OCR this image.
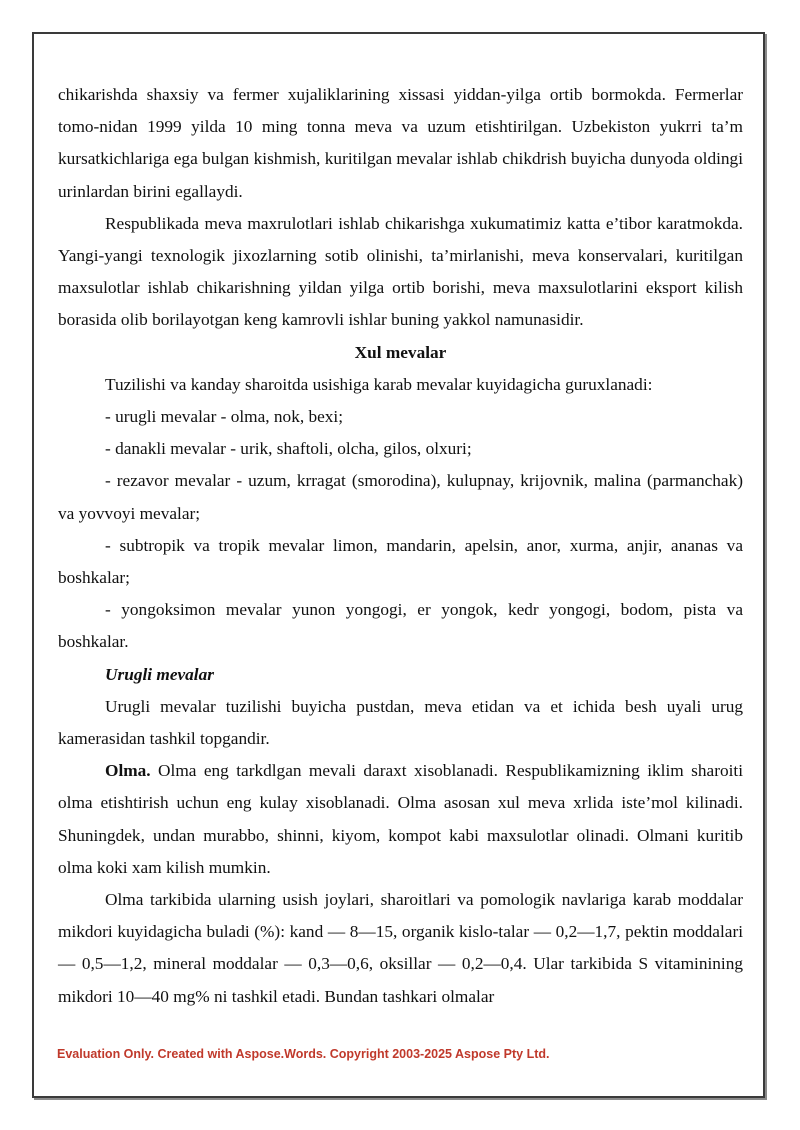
chikarishda shaxsiy va fermer xujaliklarining xissasi yiddan-yilga ortib bormokda. Fermerlar tomo-nidan 1999 yilda 10 ming tonna meva va uzum etishtirilgan. Uzbekiston yukrri ta’m kursatkichlariga ega bulgan kishmish, kuritilgan mevalar ishlab chikdrish buyicha dunyoda oldingi urinlardan birini egallaydi.

Respublikada meva maxrulotlari ishlab chikarishga xukumatimiz katta e’tibor karatmokda. Yangi-yangi texnologik jixozlarning sotib olinishi, ta’mirlanishi, meva konservalari, kuritilgan maxsulotlar ishlab chikarishning yildan yilga ortib borishi, meva maxsulotlarini eksport kilish borasida olib borilayotgan keng kamrovli ishlar buning yakkol namunasidir.

Xul mevalar

Tuzilishi va kanday sharoitda usishiga karab mevalar kuyidagicha guruxlanadi:

- urugli mevalar - olma, nok, bexi;

- danakli mevalar - urik, shaftoli, olcha, gilos, olxuri;

- rezavor mevalar - uzum, krragat (smorodina), kulupnay, krijovnik, malina (parmanchak) va yovvoyi mevalar;

- subtropik va tropik mevalar limon, mandarin, apelsin, anor, xurma, anjir, ananas va boshkalar;

- yongoksimon mevalar yunon yongogi, er yongok, kedr yongogi, bodom, pista va boshkalar.

Urugli mevalar

Urugli mevalar tuzilishi buyicha pustdan, meva etidan va et ichida besh uyali urug kamerasidan tashkil topgandir.

Olma. Olma eng tarkdlgan mevali daraxt xisoblanadi. Respublikamizning iklim sharoiti olma etishtirish uchun eng kulay xisoblanadi. Olma asosan xul meva xrlida iste’mol kilinadi. Shuningdek, undan murabbo, shinni, kiyom, kompot kabi maxsulotlar olinadi. Olmani kuritib olma koki xam kilish mumkin.

Olma tarkibida ularning usish joylari, sharoitlari va pomologik navlariga karab moddalar mikdori kuyidagicha buladi (%): kand — 8—15, organik kislo-talar — 0,2—1,7, pektin moddalari — 0,5—1,2, mineral moddalar — 0,3—0,6, oksillar — 0,2—0,4. Ular tarkibida S vitaminining mikdori 10—40 mg% ni tashkil etadi. Bundan tashkari olmalar

Evaluation Only. Created with Aspose.Words. Copyright 2003-2025 Aspose Pty Ltd.
